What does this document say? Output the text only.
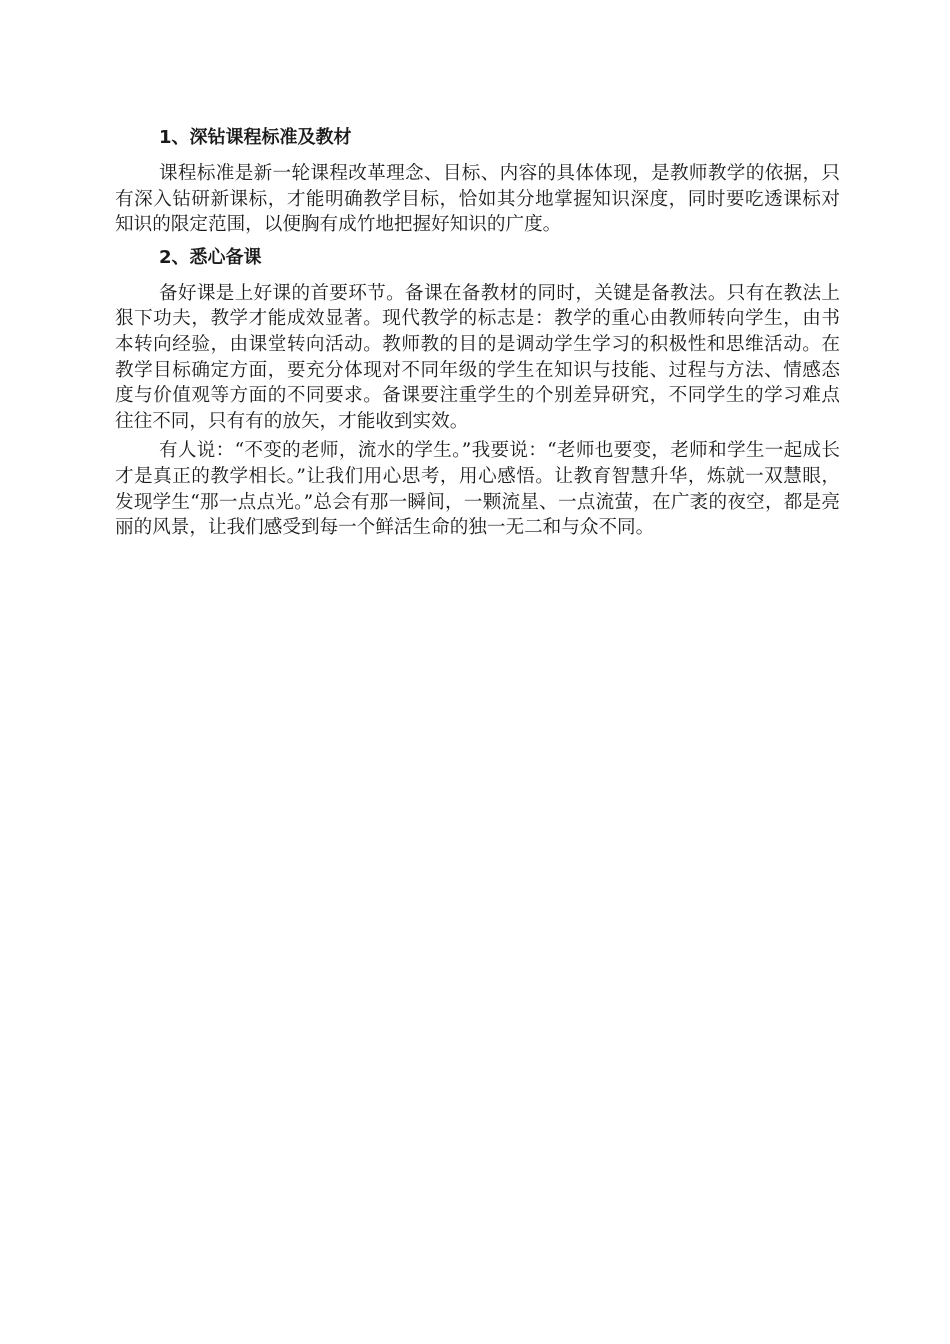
1、深钻课程标准及教材

课程标准是新一轮课程改革理念、目标、内容的具体体现，是教师教学的依据，只有深入钻研新课标，才能明确教学目标，恰如其分地掌握知识深度，同时要吃透课标对知识的限定范围，以便胸有成竹地把握好知识的广度。

2、悉心备课

备好课是上好课的首要环节。备课在备教材的同时，关键是备教法。只有在教法上狠下功夫，教学才能成效显著。现代教学的标志是：教学的重心由教师转向学生，由书本转向经验，由课堂转向活动。教师教的目的是调动学生学习的积极性和思维活动。在教学目标确定方面，要充分体现对不同年级的学生在知识与技能、过程与方法、情感态度与价值观等方面的不同要求。备课要注重学生的个别差异研究，不同学生的学习难点往往不同，只有有的放矢，才能收到实效。

有人说：“不变的老师，流水的学生。”我要说：“老师也要变，老师和学生一起成长才是真正的教学相长。”让我们用心思考，用心感悟。让教育智慧升华，炼就一双慧眼，发现学生“那一点点光。”总会有那一瞬间，一颗流星、一点流萤，在广袤的夜空，都是亮丽的风景，让我们感受到每一个鲜活生命的独一无二和与众不同。
